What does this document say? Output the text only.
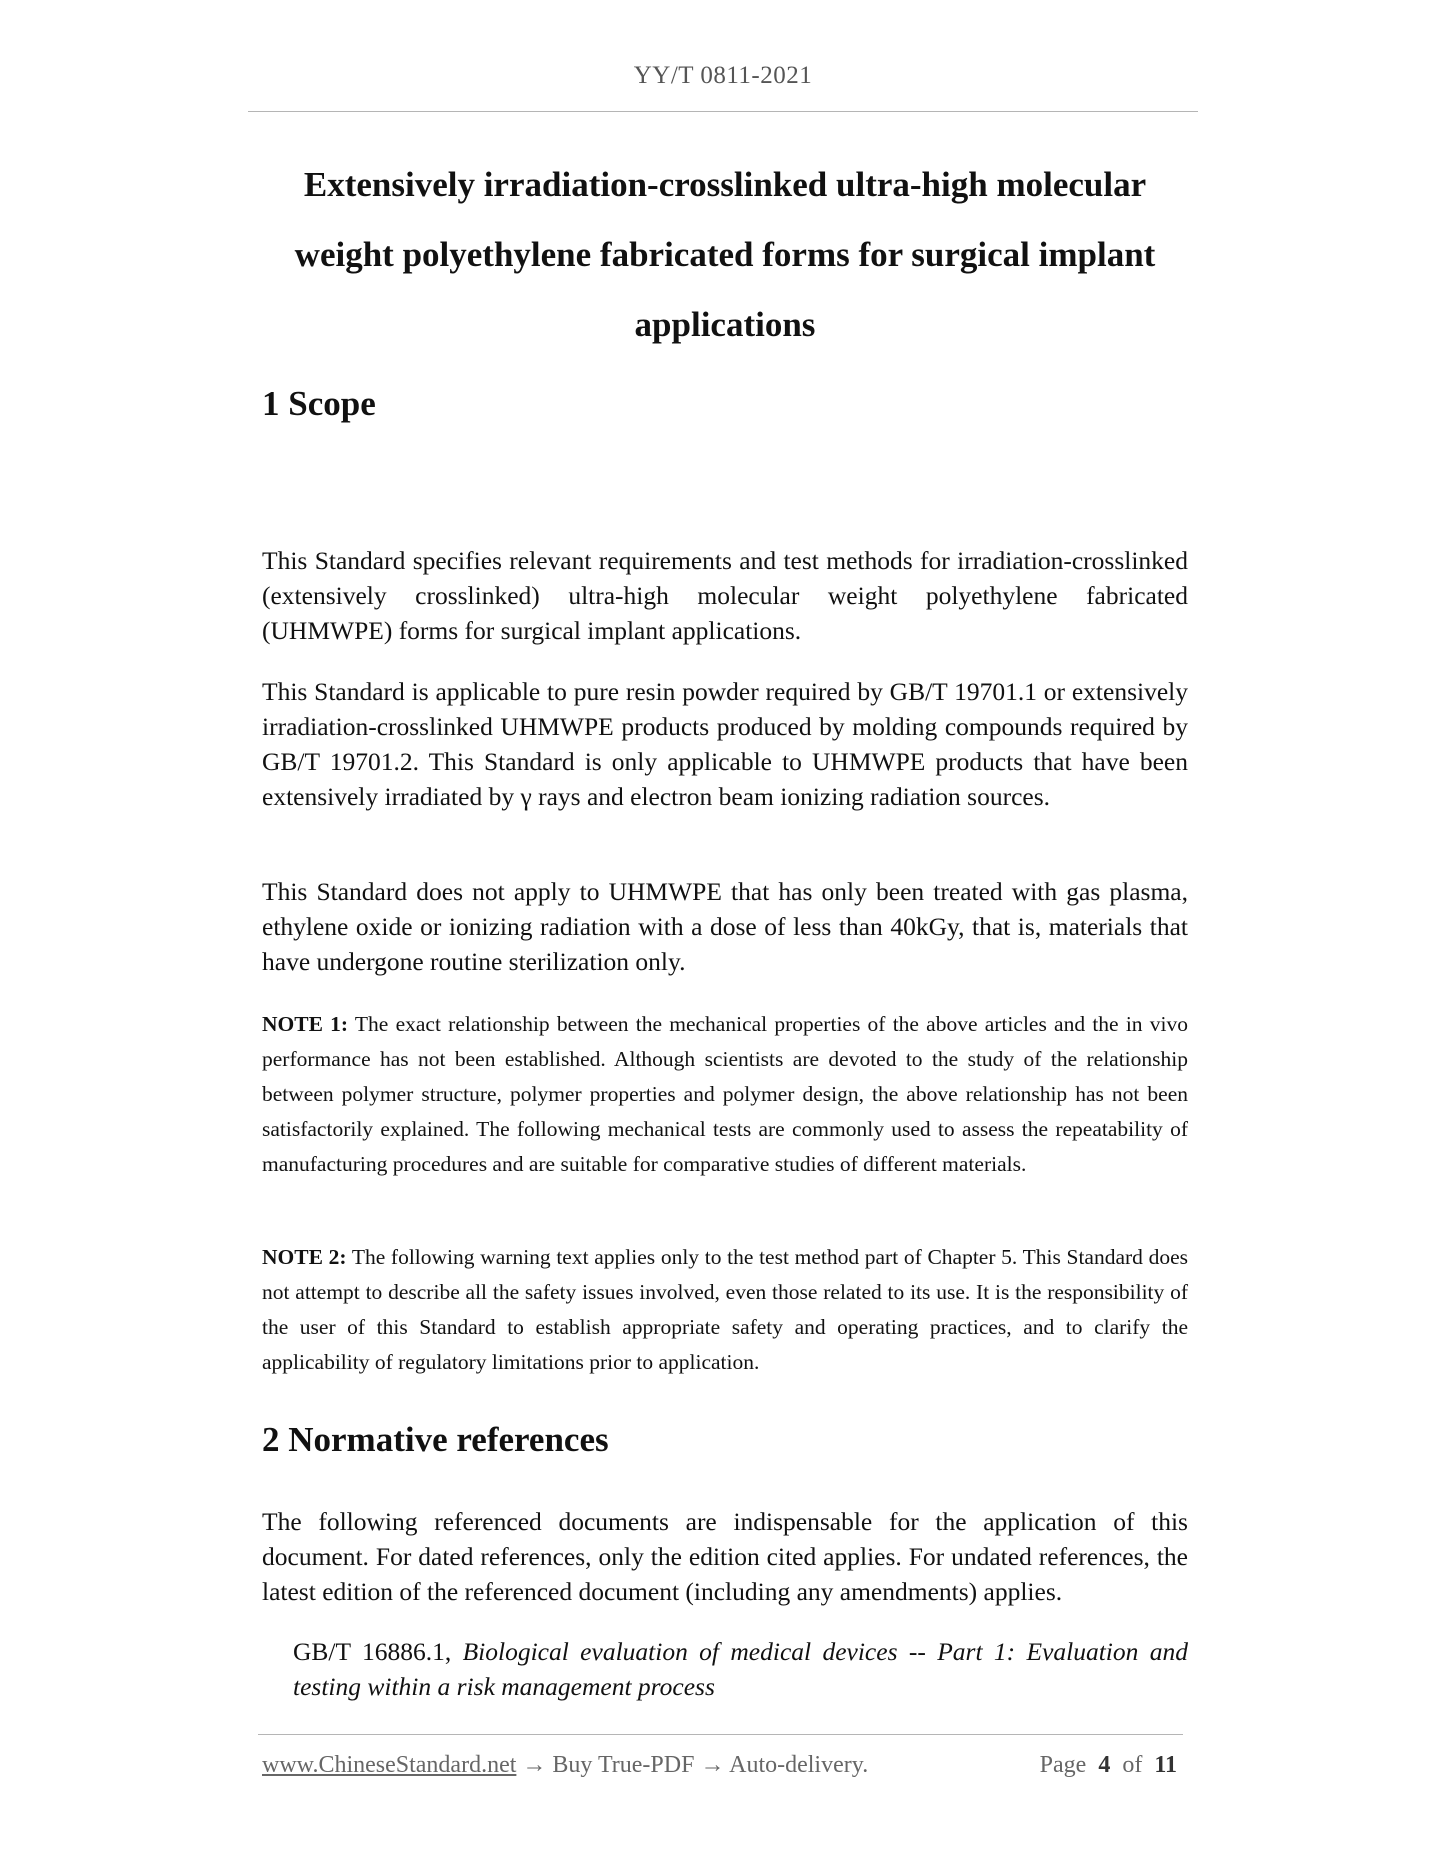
YY/T 0811-2021
Extensively irradiation-crosslinked ultra-high molecular weight polyethylene fabricated forms for surgical implant applications
1 Scope

This Standard specifies relevant requirements and test methods for irradiation-crosslinked (extensively crosslinked) ultra-high molecular weight polyethylene fabricated (UHMWPE) forms for surgical implant applications.

This Standard is applicable to pure resin powder required by GB/T 19701.1 or extensively irradiation-crosslinked UHMWPE products produced by molding compounds required by GB/T 19701.2. This Standard is only applicable to UHMWPE products that have been extensively irradiated by γ rays and electron beam ionizing radiation sources.

This Standard does not apply to UHMWPE that has only been treated with gas plasma, ethylene oxide or ionizing radiation with a dose of less than 40kGy, that is, materials that have undergone routine sterilization only.

NOTE 1: The exact relationship between the mechanical properties of the above articles and the in vivo performance has not been established. Although scientists are devoted to the study of the relationship between polymer structure, polymer properties and polymer design, the above relationship has not been satisfactorily explained. The following mechanical tests are commonly used to assess the repeatability of manufacturing procedures and are suitable for comparative studies of different materials.

NOTE 2: The following warning text applies only to the test method part of Chapter 5. This Standard does not attempt to describe all the safety issues involved, even those related to its use. It is the responsibility of the user of this Standard to establish appropriate safety and operating practices, and to clarify the applicability of regulatory limitations prior to application.

2 Normative references

The following referenced documents are indispensable for the application of this document. For dated references, only the edition cited applies. For undated references, the latest edition of the referenced document (including any amendments) applies.

GB/T 16886.1, Biological evaluation of medical devices -- Part 1: Evaluation and testing within a risk management process

www.ChineseStandard.net → Buy True-PDF → Auto-delivery.	Page 4 of 11
